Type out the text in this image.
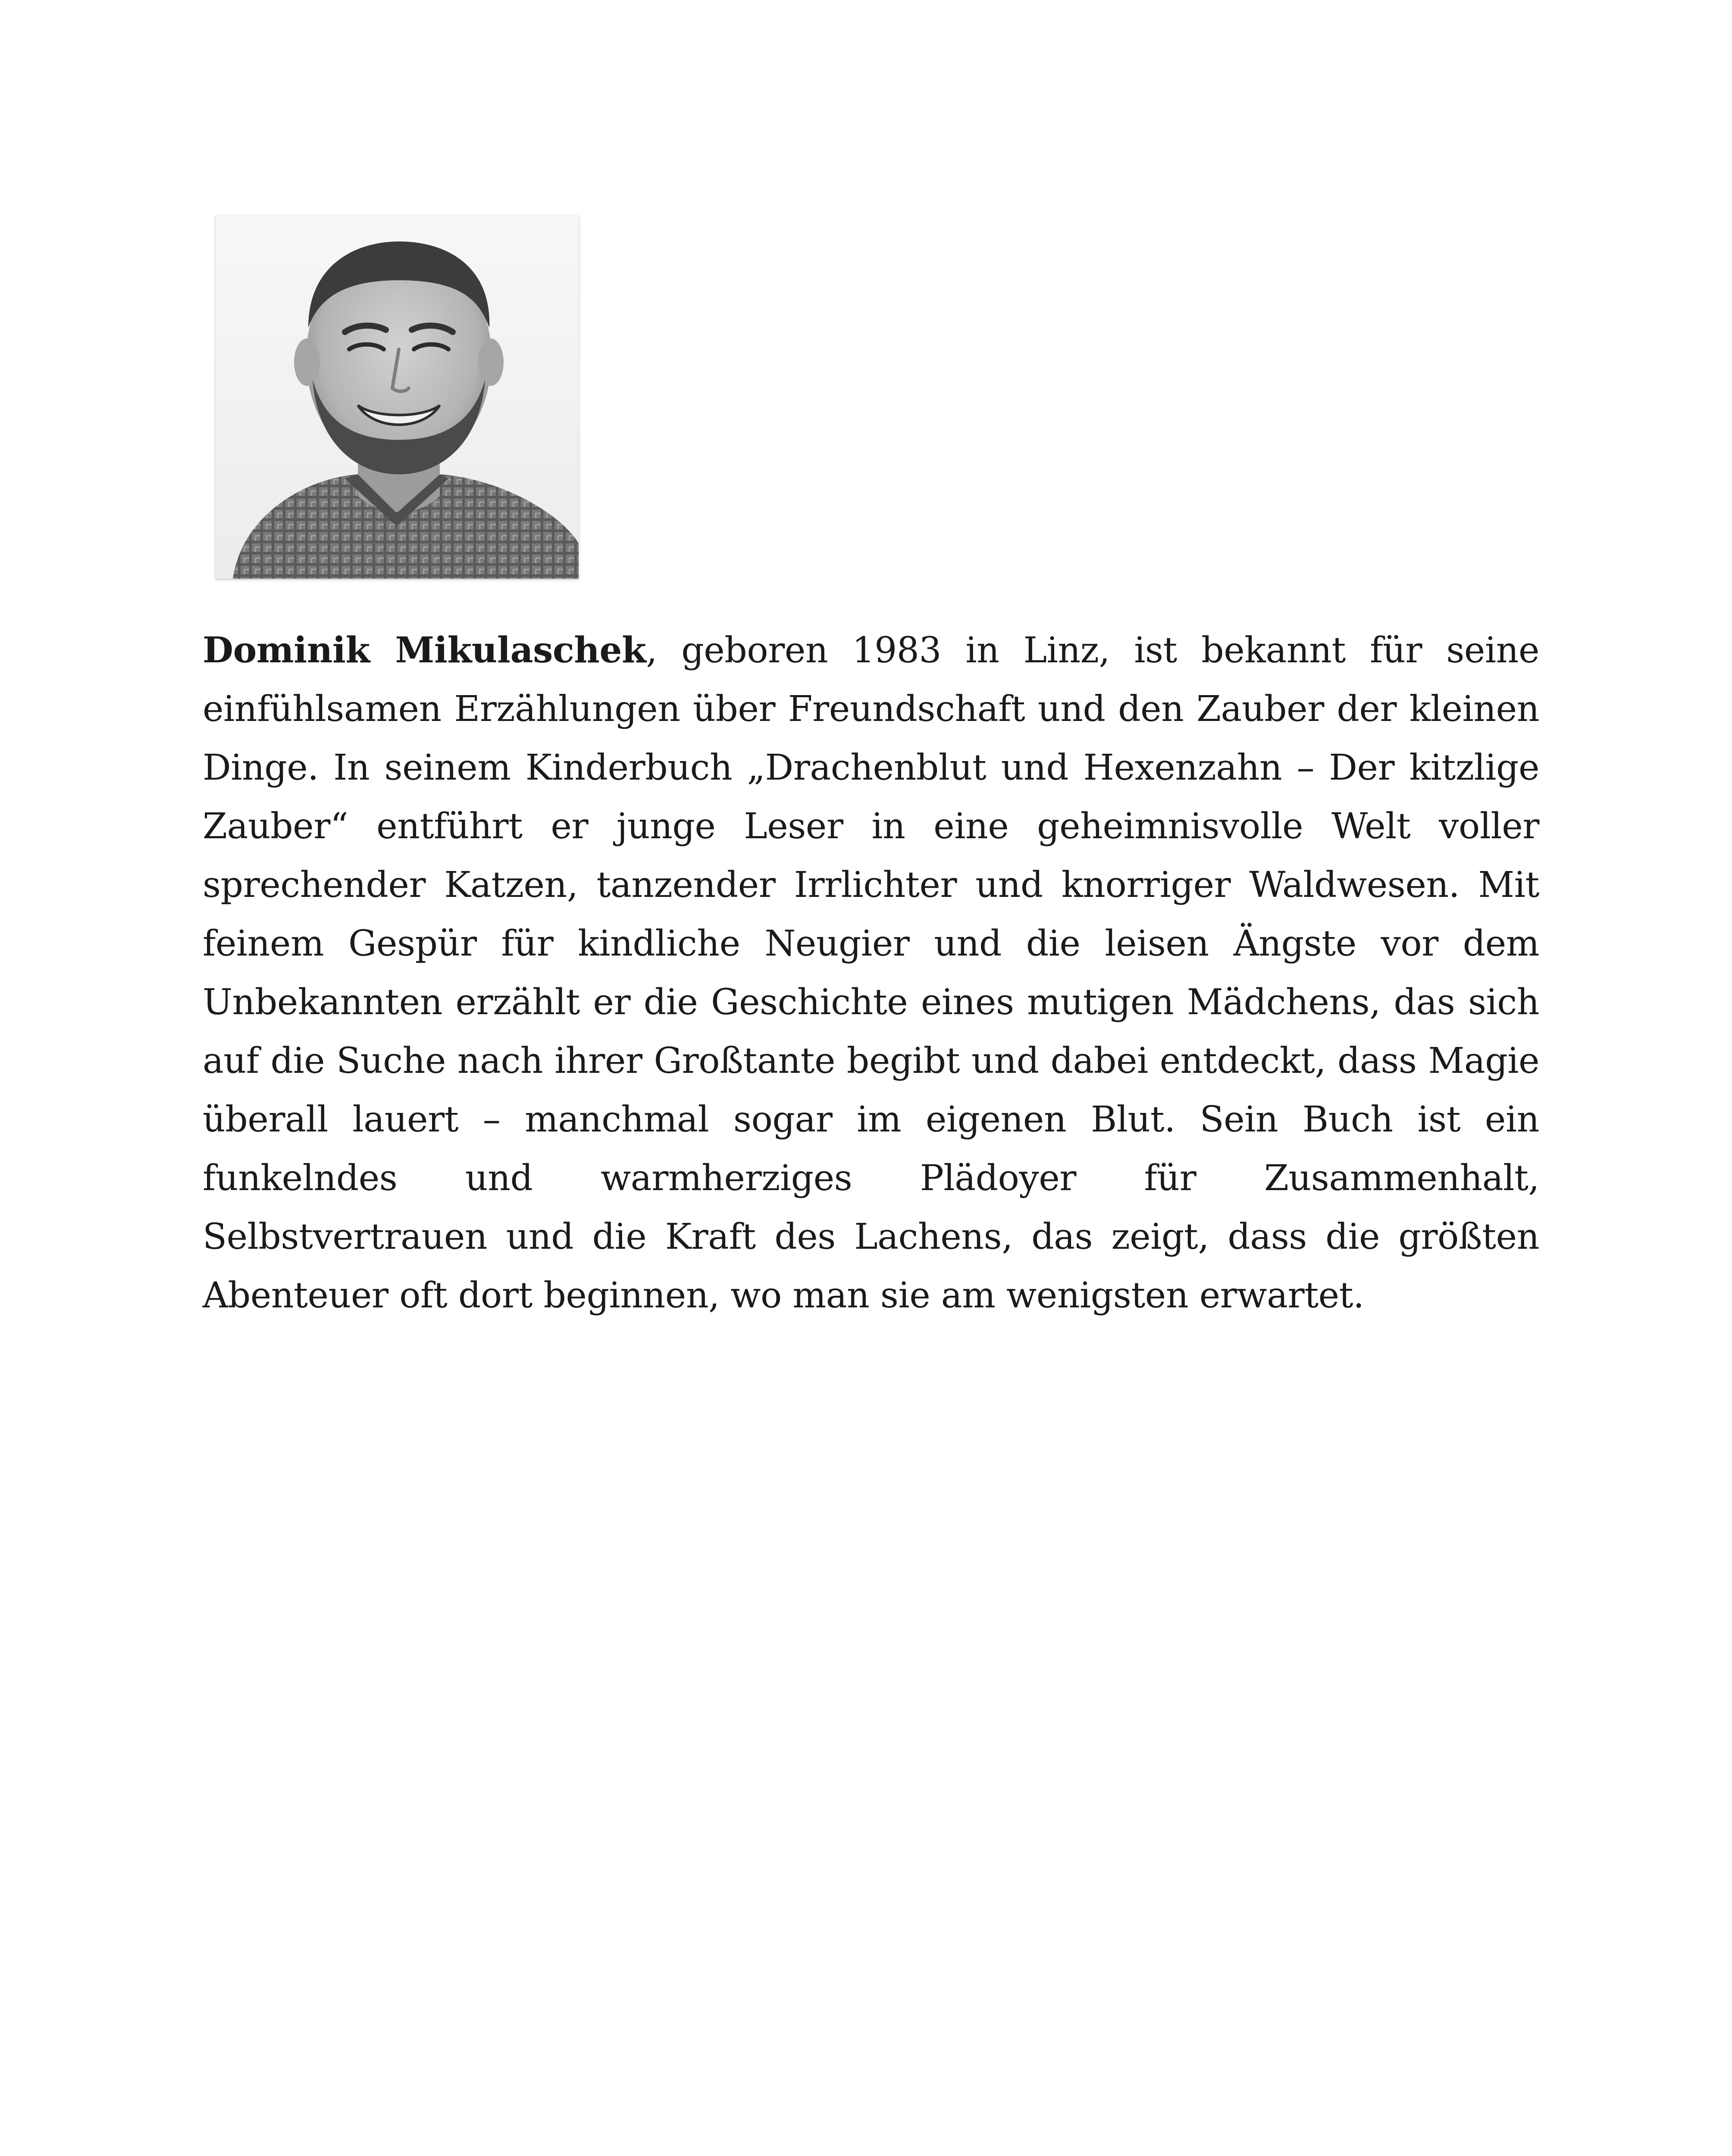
Dominik Mikulaschek, geboren 1983 in Linz, ist bekannt für seine einfühlsamen Erzählungen über Freundschaft und den Zauber der kleinen Dinge. In seinem Kinderbuch „Drachenblut und Hexenzahn – Der kitzlige Zauber“ entführt er junge Leser in eine geheimnisvolle Welt voller sprechender Katzen, tanzender Irrlichter und knorriger Waldwesen. Mit feinem Gespür für kindliche Neugier und die leisen Ängste vor dem Unbekannten erzählt er die Geschichte eines mutigen Mädchens, das sich auf die Suche nach ihrer Großtante begibt und dabei entdeckt, dass Magie überall lauert – manchmal sogar im eigenen Blut. Sein Buch ist ein funkelndes und warmherziges Plädoyer für Zusammenhalt, Selbstvertrauen und die Kraft des Lachens, das zeigt, dass die größten Abenteuer oft dort beginnen, wo man sie am wenigsten erwartet.
